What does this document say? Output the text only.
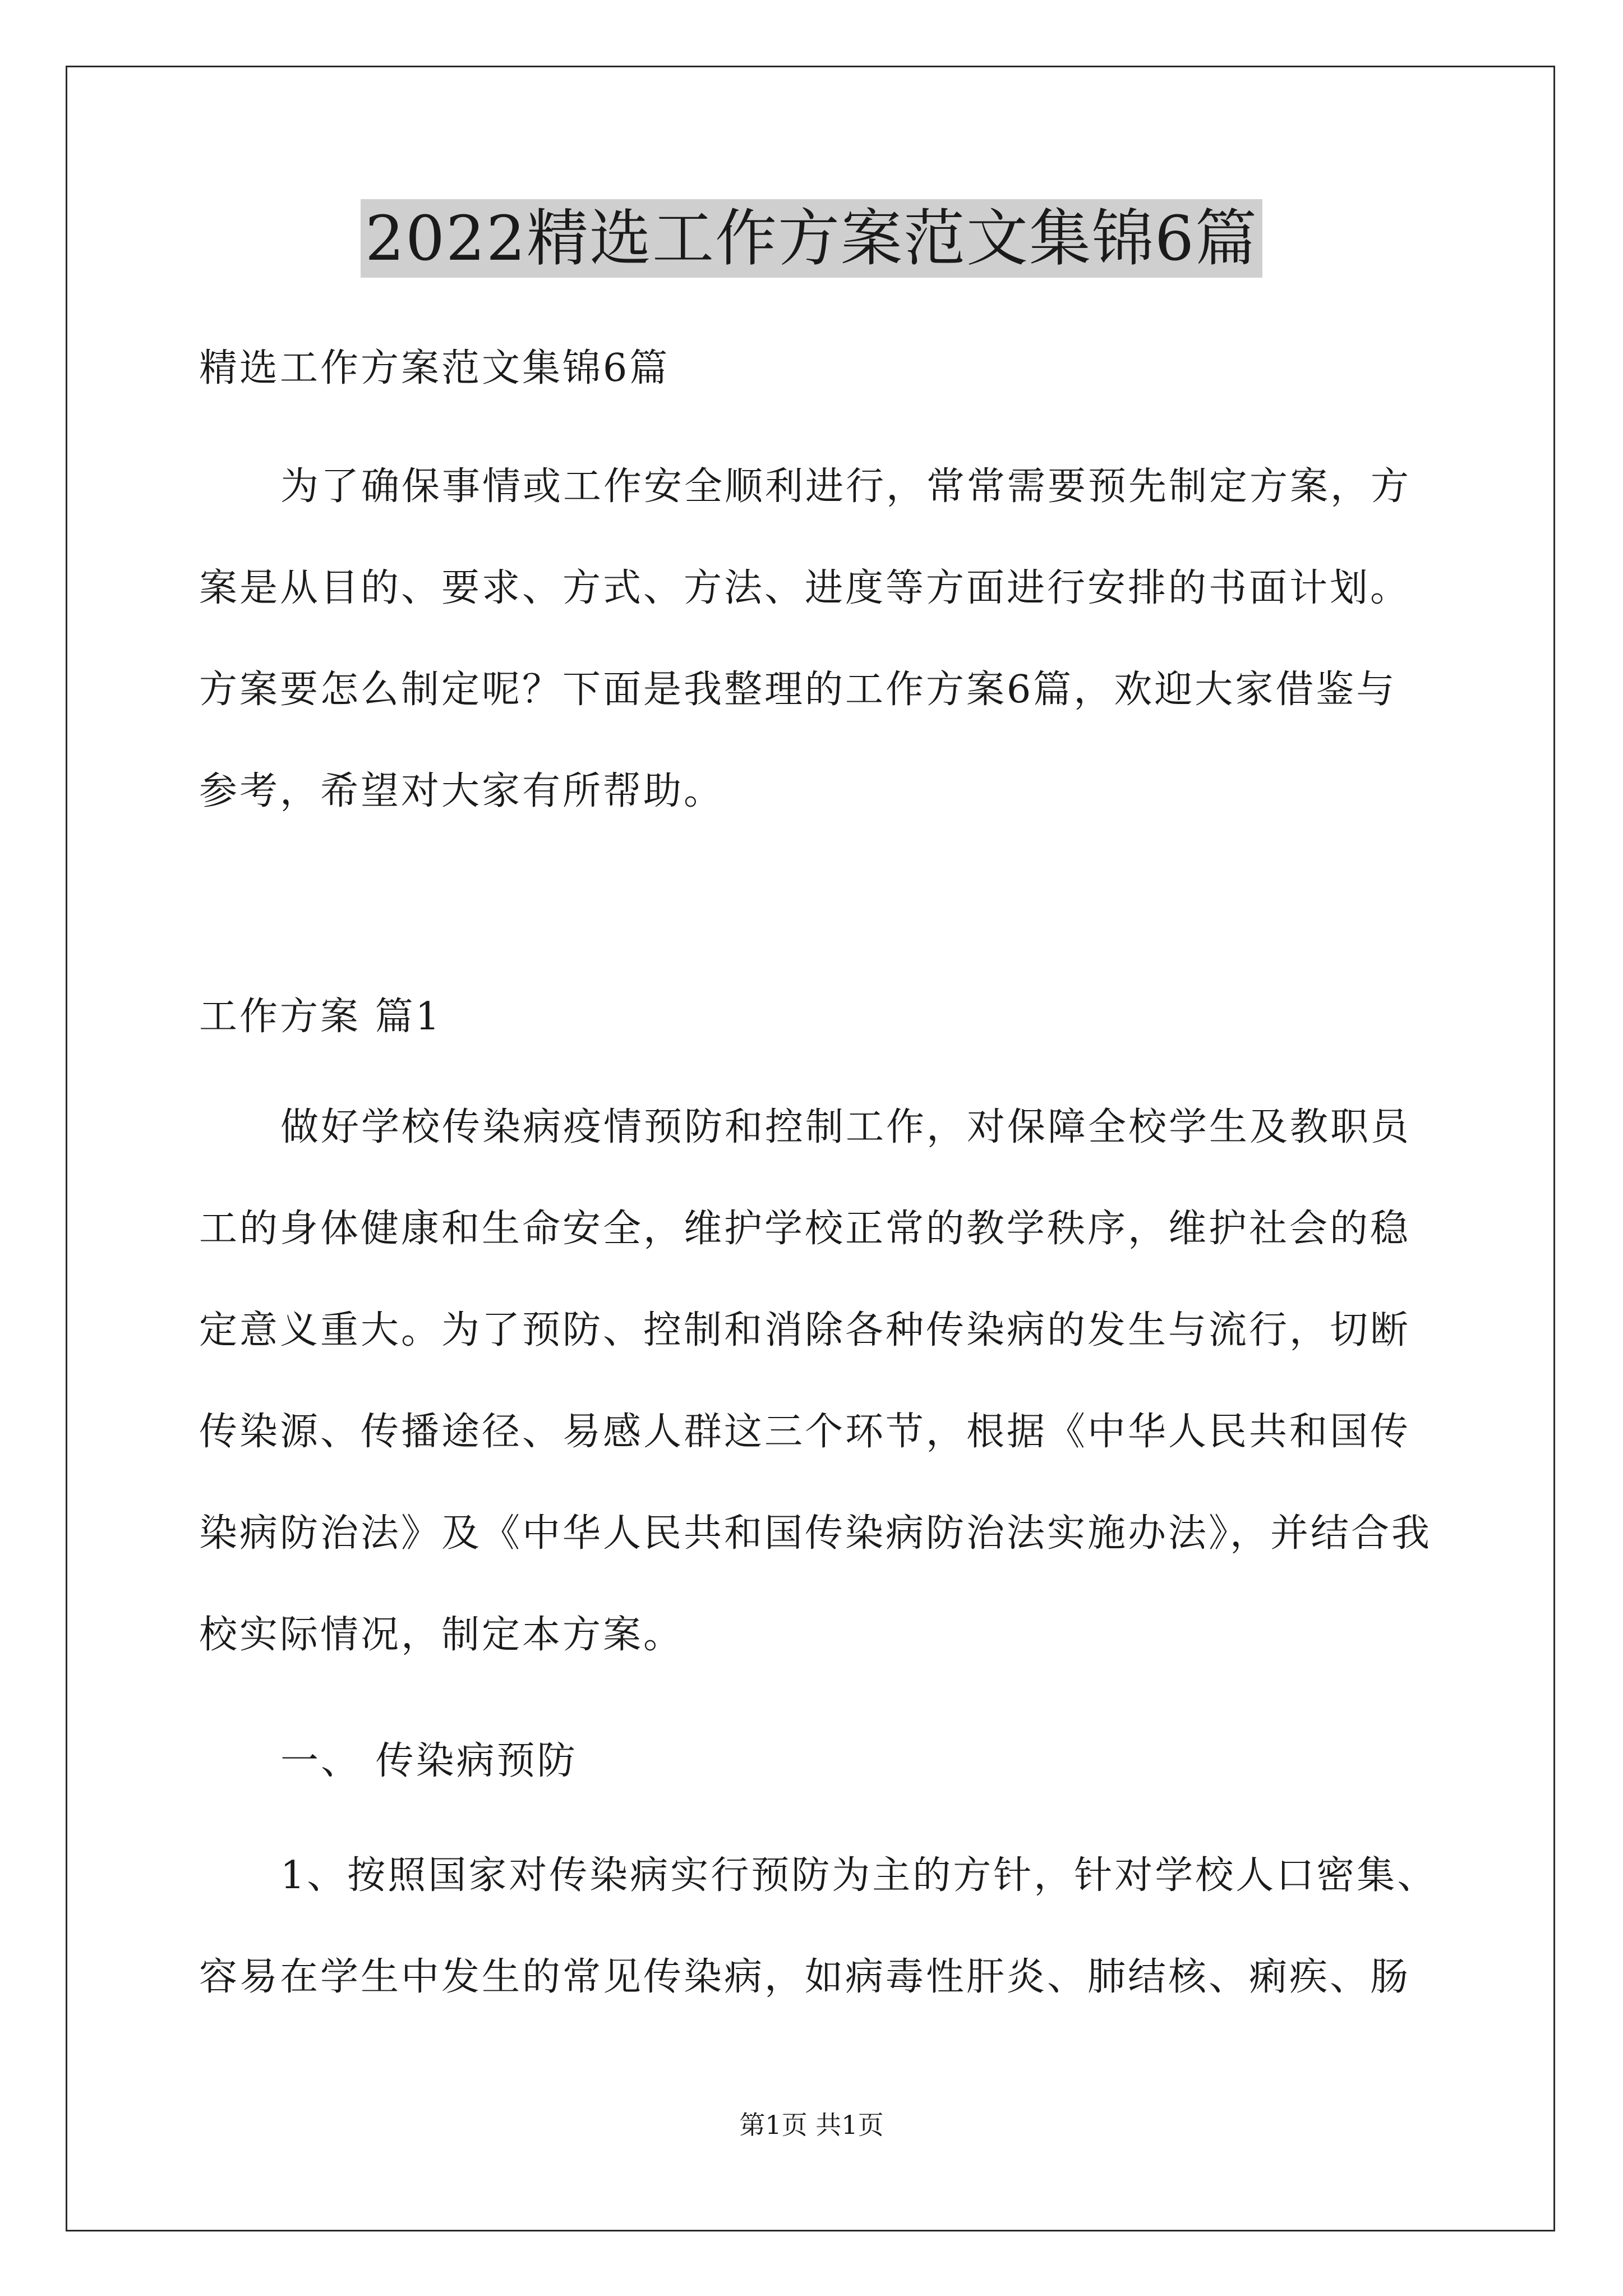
2022精选工作方案范文集锦6篇
精选工作方案范文集锦6篇
为了确保事情或工作安全顺利进行，常常需要预先制定方案，方
案是从目的、要求、方式、方法、进度等方面进行安排的书面计划。
方案要怎么制定呢？下面是我整理的工作方案6篇，欢迎大家借鉴与
参考，希望对大家有所帮助。
工作方案 篇1
做好学校传染病疫情预防和控制工作，对保障全校学生及教职员
工的身体健康和生命安全，维护学校正常的教学秩序，维护社会的稳
定意义重大。为了预防、控制和消除各种传染病的发生与流行，切断
传染源、传播途径、易感人群这三个环节，根据《中华人民共和国传
染病防治法》及《中华人民共和国传染病防治法实施办法》，并结合我
校实际情况，制定本方案。
一、 传染病预防
1、按照国家对传染病实行预防为主的方针，针对学校人口密集、
容易在学生中发生的常见传染病，如病毒性肝炎、肺结核、痢疾、肠
第1页 共1页
